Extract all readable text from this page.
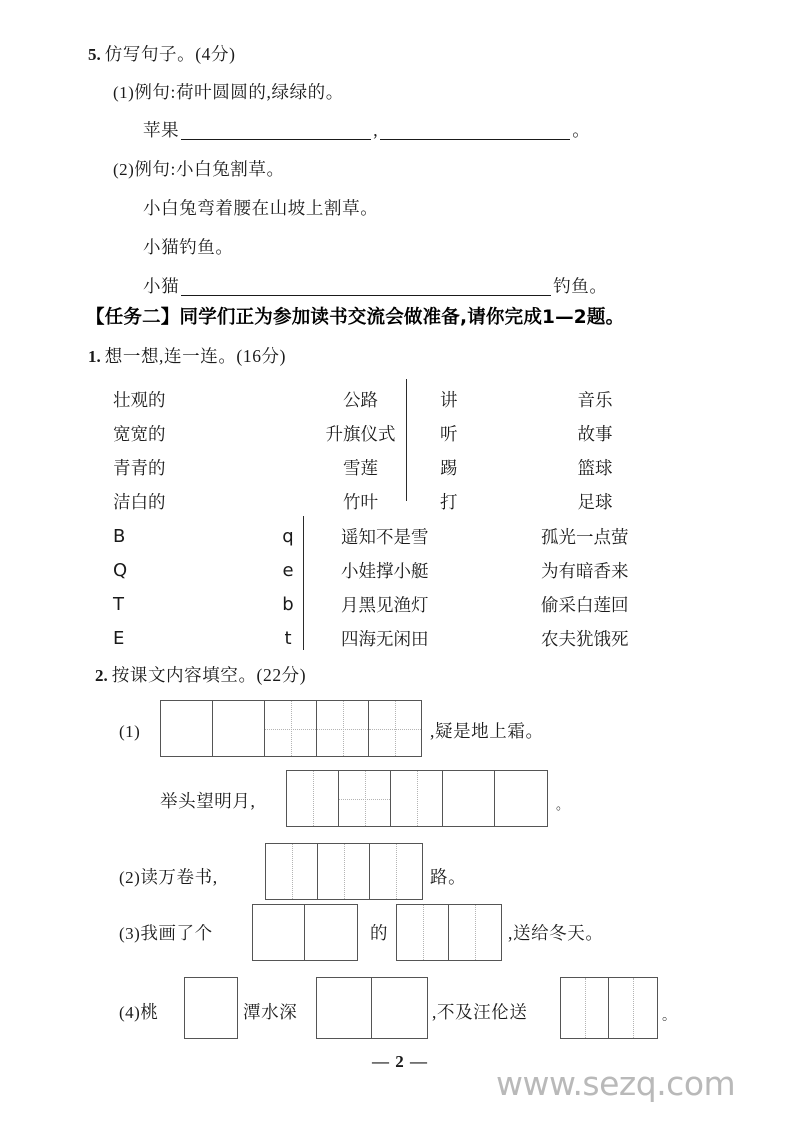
5. 仿写句子。(4分)
(1) 例句:荷叶圆圆的,绿绿的。
苹果	,	。
(2) 例句:小白兔割草。
小白兔弯着腰在山坡上割草。
小猫钓鱼。
小猫	钓鱼。
【任务二】同学们正为参加读书交流会做准备,请你完成1—2题。
1. 想一想,连一连。(16分)
壮观的	公路	讲	音乐
宽宽的	升旗仪式	听	故事
青青的	雪莲	踢	篮球
洁白的	竹叶	打	足球
B	q	遥知不是雪	孤光一点萤
Q	e	小娃撑小艇	为有暗香来
T	b	月黑见渔灯	偷采白莲回
E	t	四海无闲田	农夫犹饿死
2. 按课文内容填空。(22分)
(1)	,疑是地上霜。
举头望明月,	。
(2) 读万卷书,	路。
(3) 我画了个	的	,送给冬天。
(4) 桃	潭水深	,不及汪伦送	。
— 2 —
www.sezq.com
